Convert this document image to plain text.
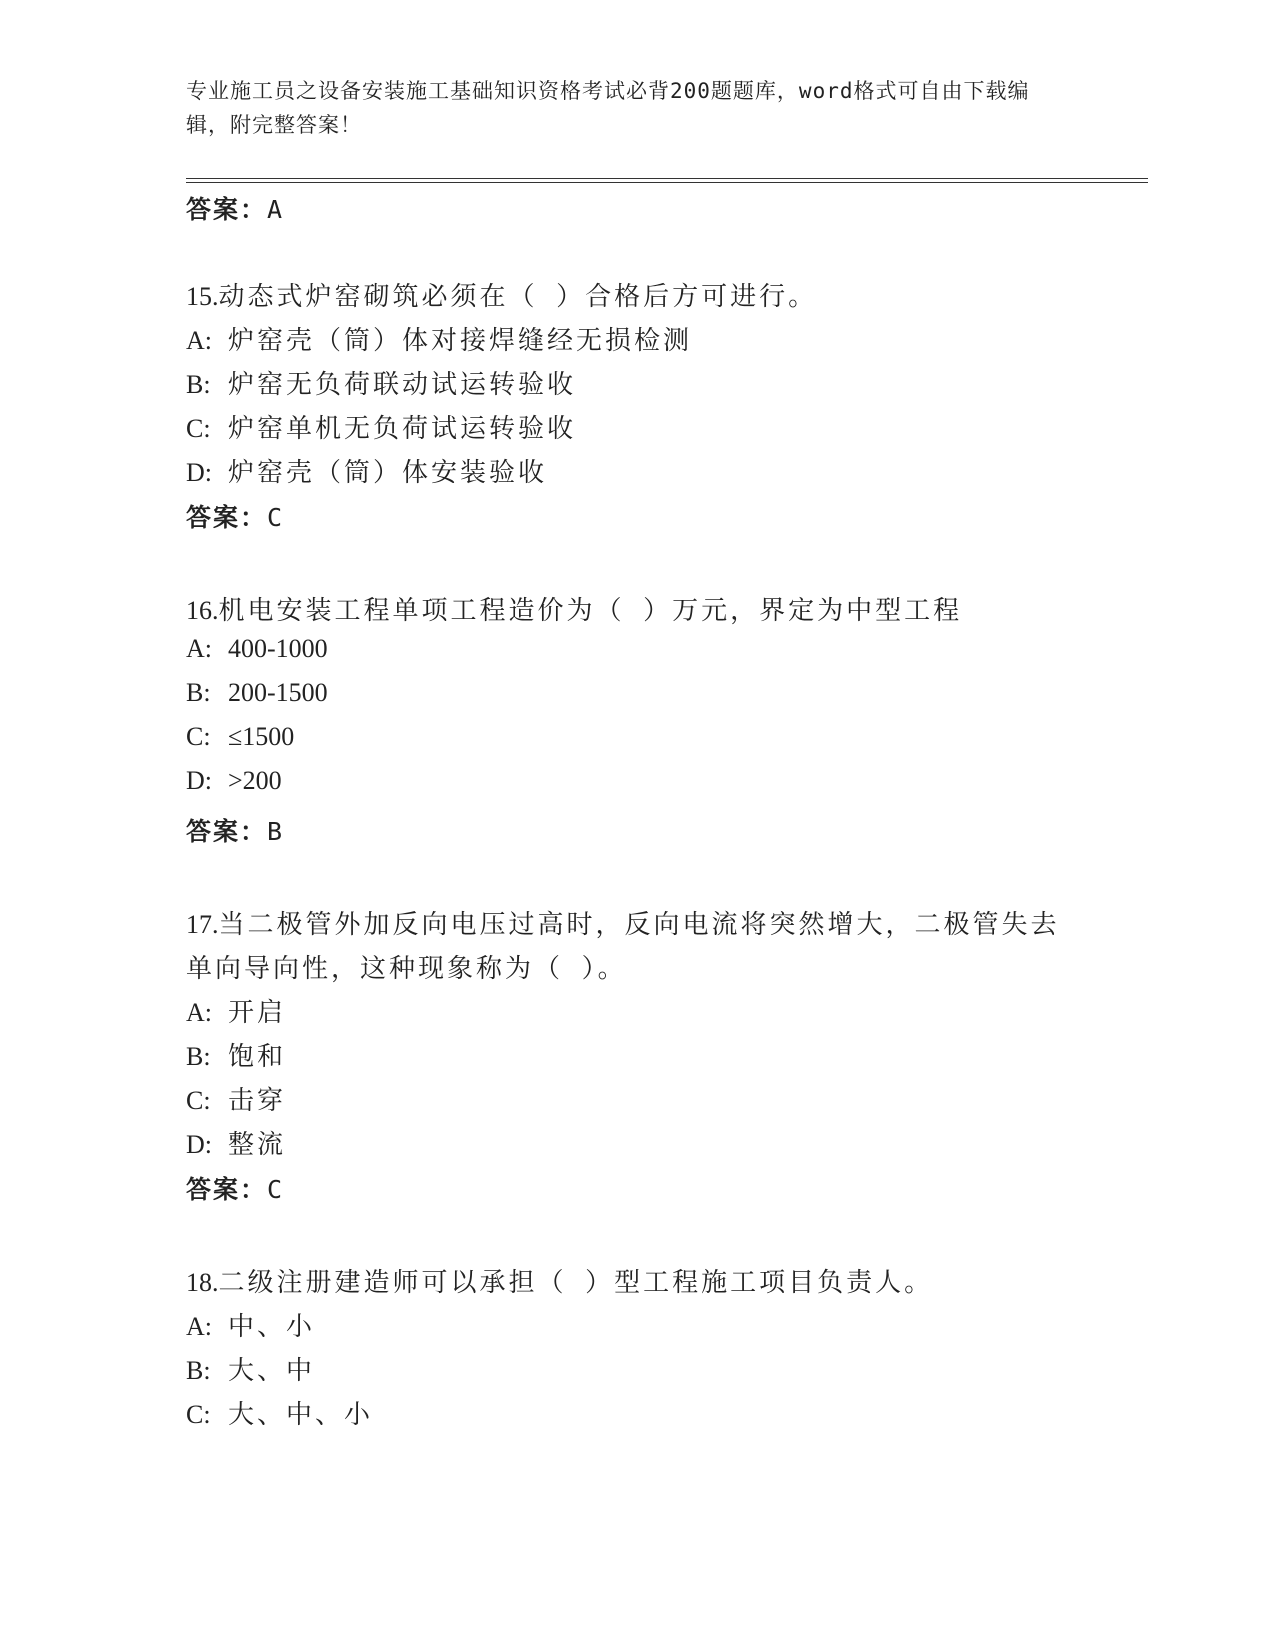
专业施工员之设备安装施工基础知识资格考试必背200题题库，word格式可自由下载编辑，附完整答案！
答案：A
15.动态式炉窑砌筑必须在（ ）合格后方可进行。
A: 炉窑壳（筒）体对接焊缝经无损检测
B: 炉窑无负荷联动试运转验收
C: 炉窑单机无负荷试运转验收
D: 炉窑壳（筒）体安装验收
答案：C
16.机电安装工程单项工程造价为（ ）万元，界定为中型工程
A: 400-1000
B: 200-1500
C: ≤1500
D: >200
答案：B
17.当二极管外加反向电压过高时，反向电流将突然增大，二极管失去
单向导向性，这种现象称为（ ）。
A: 开启
B: 饱和
C: 击穿
D: 整流
答案：C
18.二级注册建造师可以承担（ ）型工程施工项目负责人。
A: 中、小
B: 大、中
C: 大、中、小
